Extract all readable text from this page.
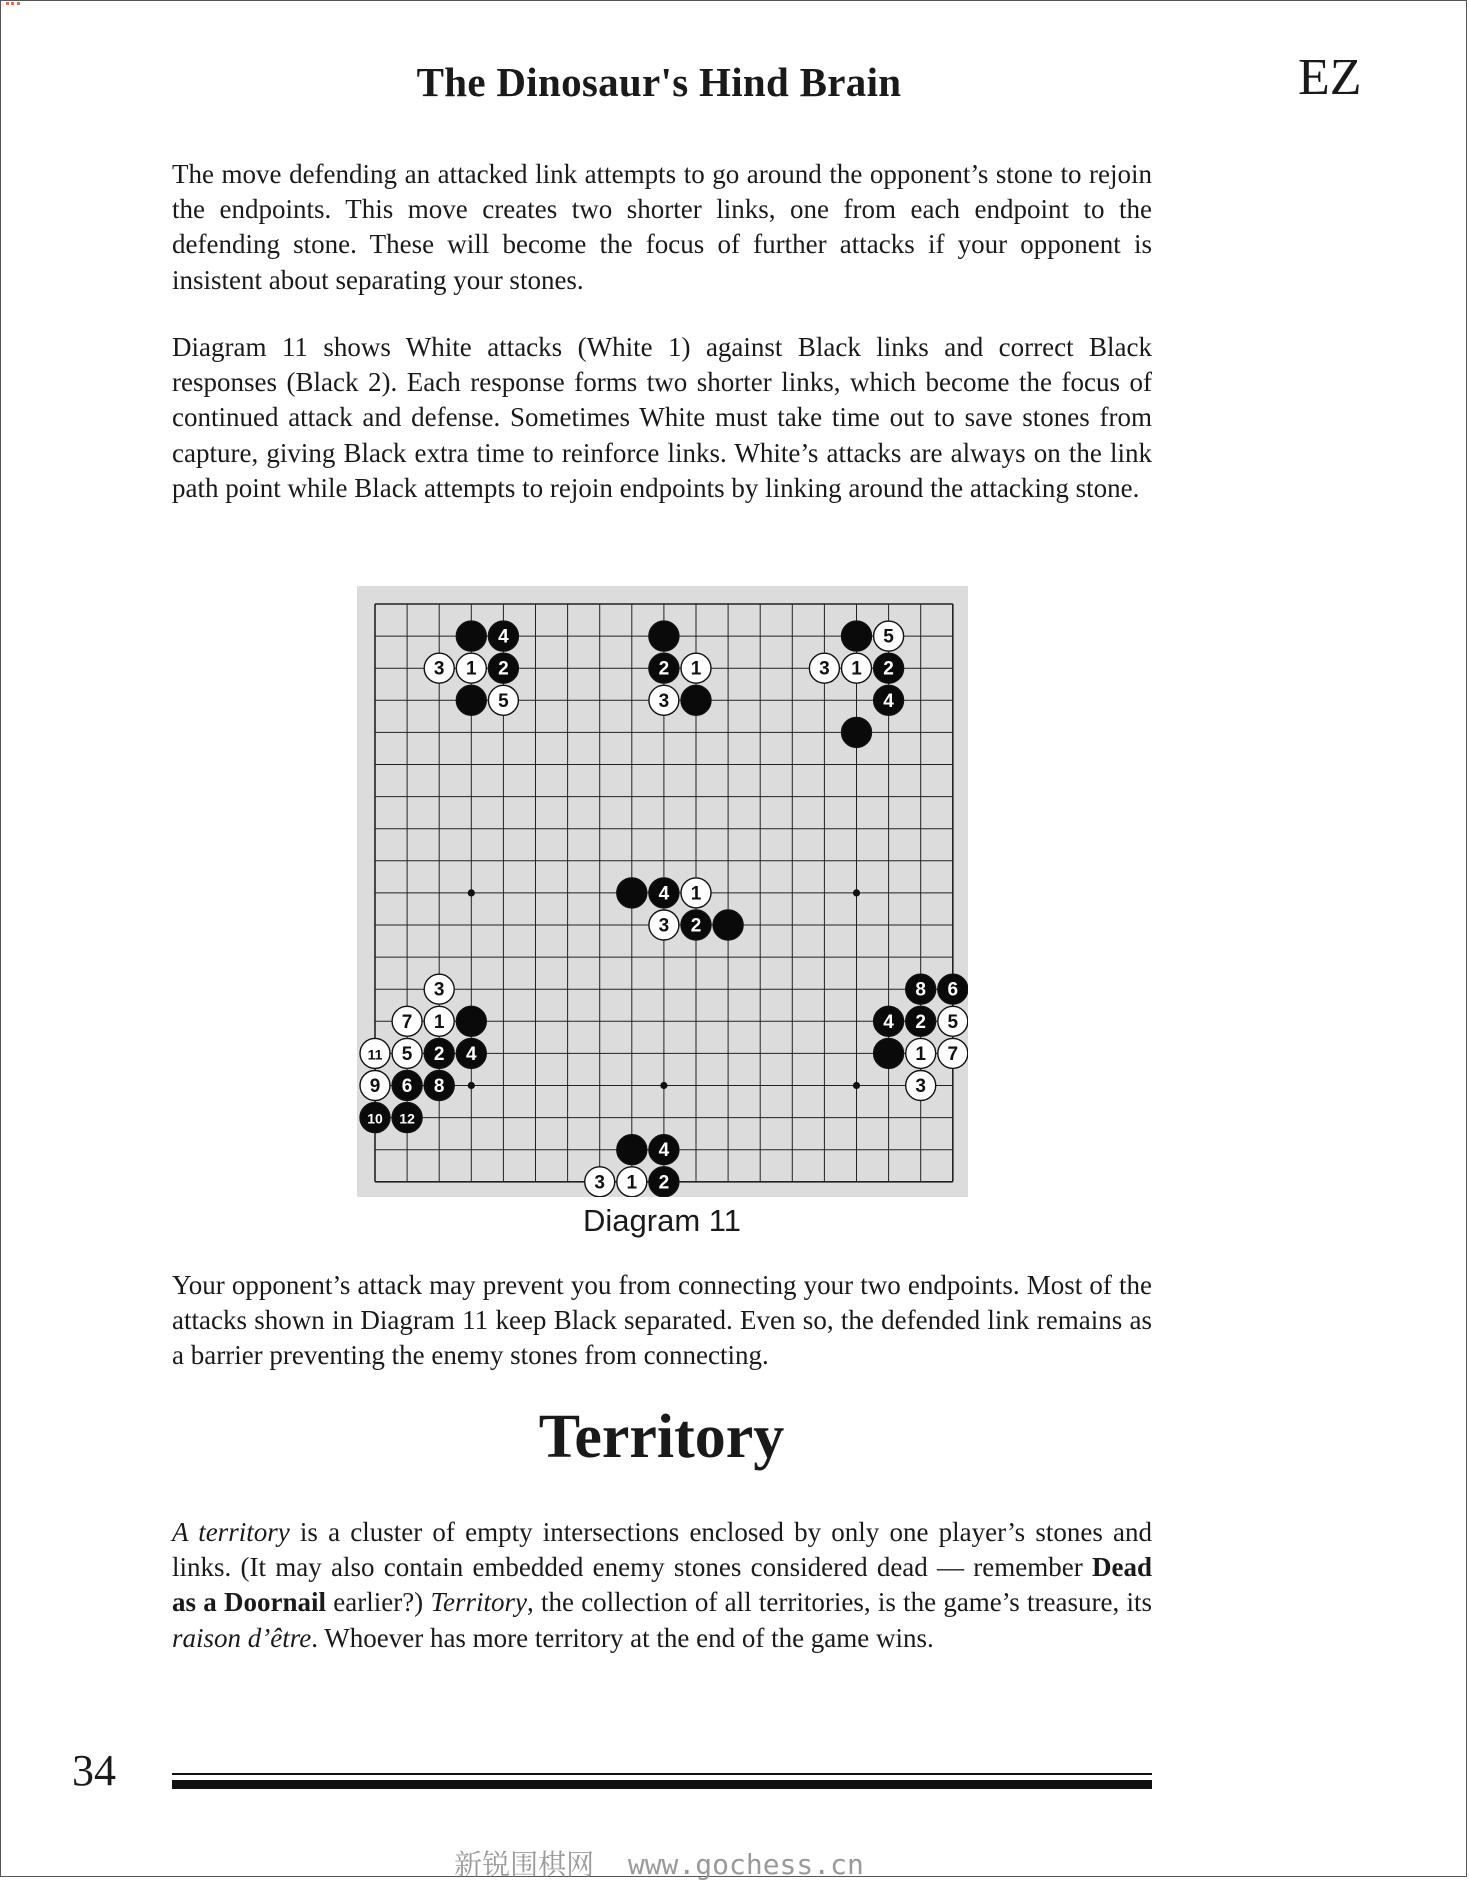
The Dinosaur's Hind Brain	EZ

The move defending an attacked link attempts to go around the opponent’s stone to rejoin the endpoints. This move creates two shorter links, one from each endpoint to the defending stone. These will become the focus of further attacks if your opponent is insistent about separating your stones.

Diagram 11 shows White attacks (White 1) against Black links and correct Black responses (Black 2). Each response forms two shorter links, which become the focus of continued attack and defense. Sometimes White must take time out to save stones from capture, giving Black extra time to reinforce links. White’s attacks are always on the link path point while Black attempts to rejoin endpoints by linking around the attacking stone.

4
3 1 2
5
2 1
3
5
3 1 2
4
4 1
3 2
3
7 1
11 5 2 4
9 6 8
10 12
8 6
4 2 5
1 7
3
4
3 1 2
Diagram 11

Your opponent’s attack may prevent you from connecting your two endpoints. Most of the attacks shown in Diagram 11 keep Black separated. Even so, the defended link remains as a barrier preventing the enemy stones from connecting.

Territory

A territory is a cluster of empty intersections enclosed by only one player’s stones and links. (It may also contain embedded enemy stones considered dead — remember Dead as a Doornail earlier?) Territory, the collection of all territories, is the game’s treasure, its raison d’être. Whoever has more territory at the end of the game wins.

34
新锐围棋网  www.gochess.cn
